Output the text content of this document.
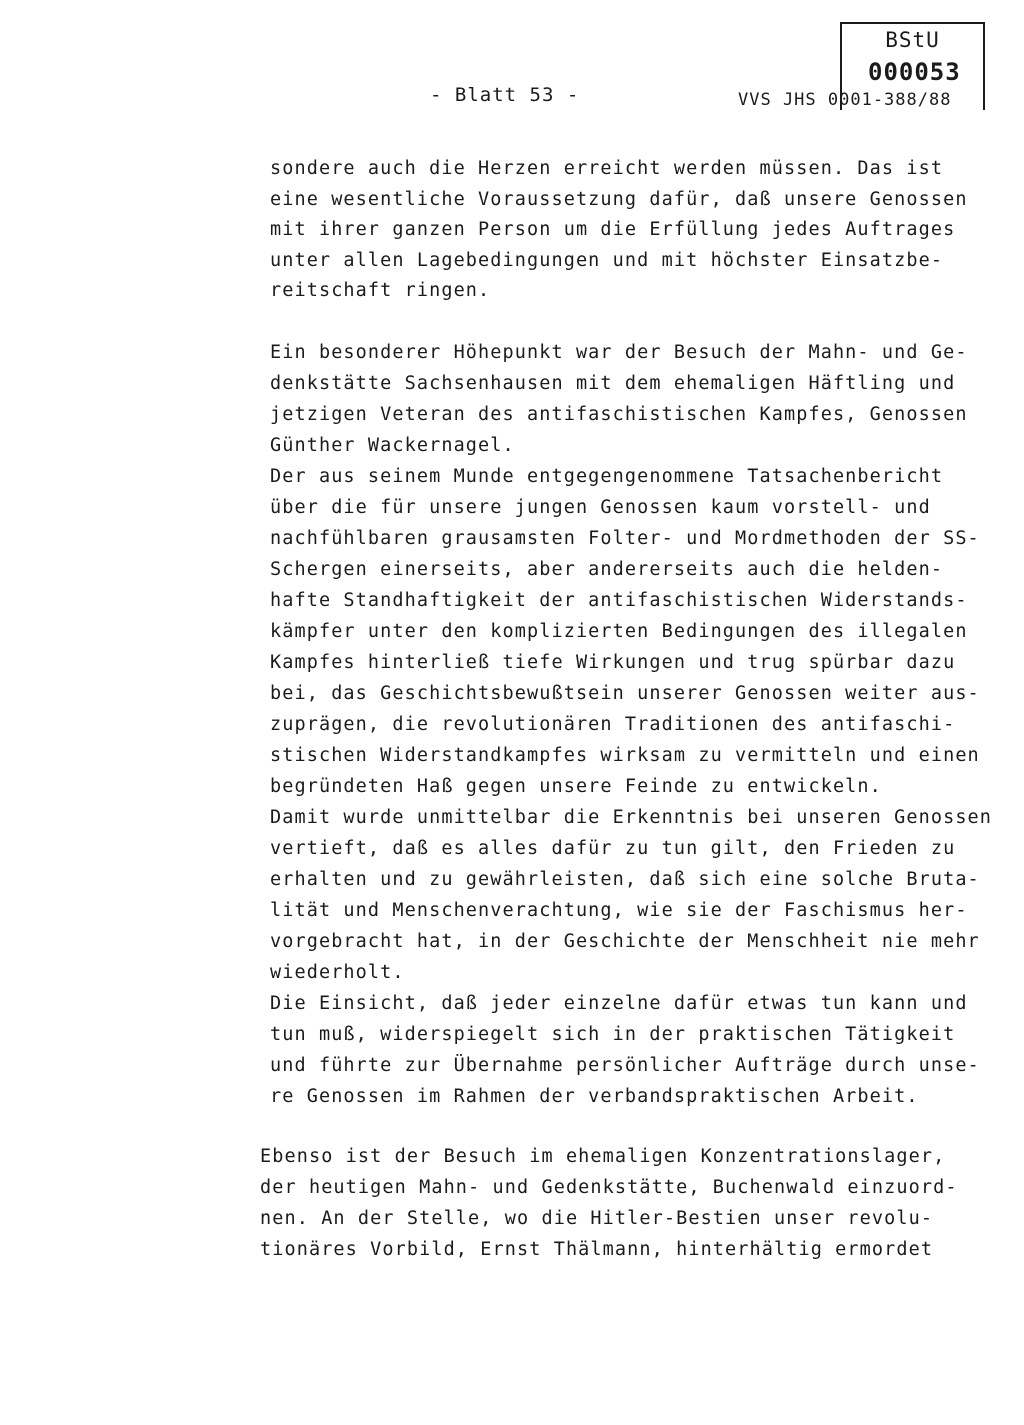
BStU
000053
- Blatt 53 -	VVS JHS 0001-388/88
sondere auch die Herzen erreicht werden müssen. Das ist
eine wesentliche Voraussetzung dafür, daß unsere Genossen
mit ihrer ganzen Person um die Erfüllung jedes Auftrages
unter allen Lagebedingungen und mit höchster Einsatzbe-
reitschaft ringen.
Ein besonderer Höhepunkt war der Besuch der Mahn- und Ge-
denkstätte Sachsenhausen mit dem ehemaligen Häftling und
jetzigen Veteran des antifaschistischen Kampfes, Genossen
Günther Wackernagel.
Der aus seinem Munde entgegengenommene Tatsachenbericht
über die für unsere jungen Genossen kaum vorstell- und
nachfühlbaren grausamsten Folter- und Mordmethoden der SS-
Schergen einerseits, aber andererseits auch die helden-
hafte Standhaftigkeit der antifaschistischen Widerstands-
kämpfer unter den komplizierten Bedingungen des illegalen
Kampfes hinterließ tiefe Wirkungen und trug spürbar dazu
bei, das Geschichtsbewußtsein unserer Genossen weiter aus-
zuprägen, die revolutionären Traditionen des antifaschi-
stischen Widerstandkampfes wirksam zu vermitteln und einen
begründeten Haß gegen unsere Feinde zu entwickeln.
Damit wurde unmittelbar die Erkenntnis bei unseren Genossen
vertieft, daß es alles dafür zu tun gilt, den Frieden zu
erhalten und zu gewährleisten, daß sich eine solche Bruta-
lität und Menschenverachtung, wie sie der Faschismus her-
vorgebracht hat, in der Geschichte der Menschheit nie mehr
wiederholt.
Die Einsicht, daß jeder einzelne dafür etwas tun kann und
tun muß, widerspiegelt sich in der praktischen Tätigkeit
und führte zur Übernahme persönlicher Aufträge durch unse-
re Genossen im Rahmen der verbandspraktischen Arbeit.
Ebenso ist der Besuch im ehemaligen Konzentrationslager,
der heutigen Mahn- und Gedenkstätte, Buchenwald einzuord-
nen. An der Stelle, wo die Hitler-Bestien unser revolu-
tionäres Vorbild, Ernst Thälmann, hinterhältig ermordet
